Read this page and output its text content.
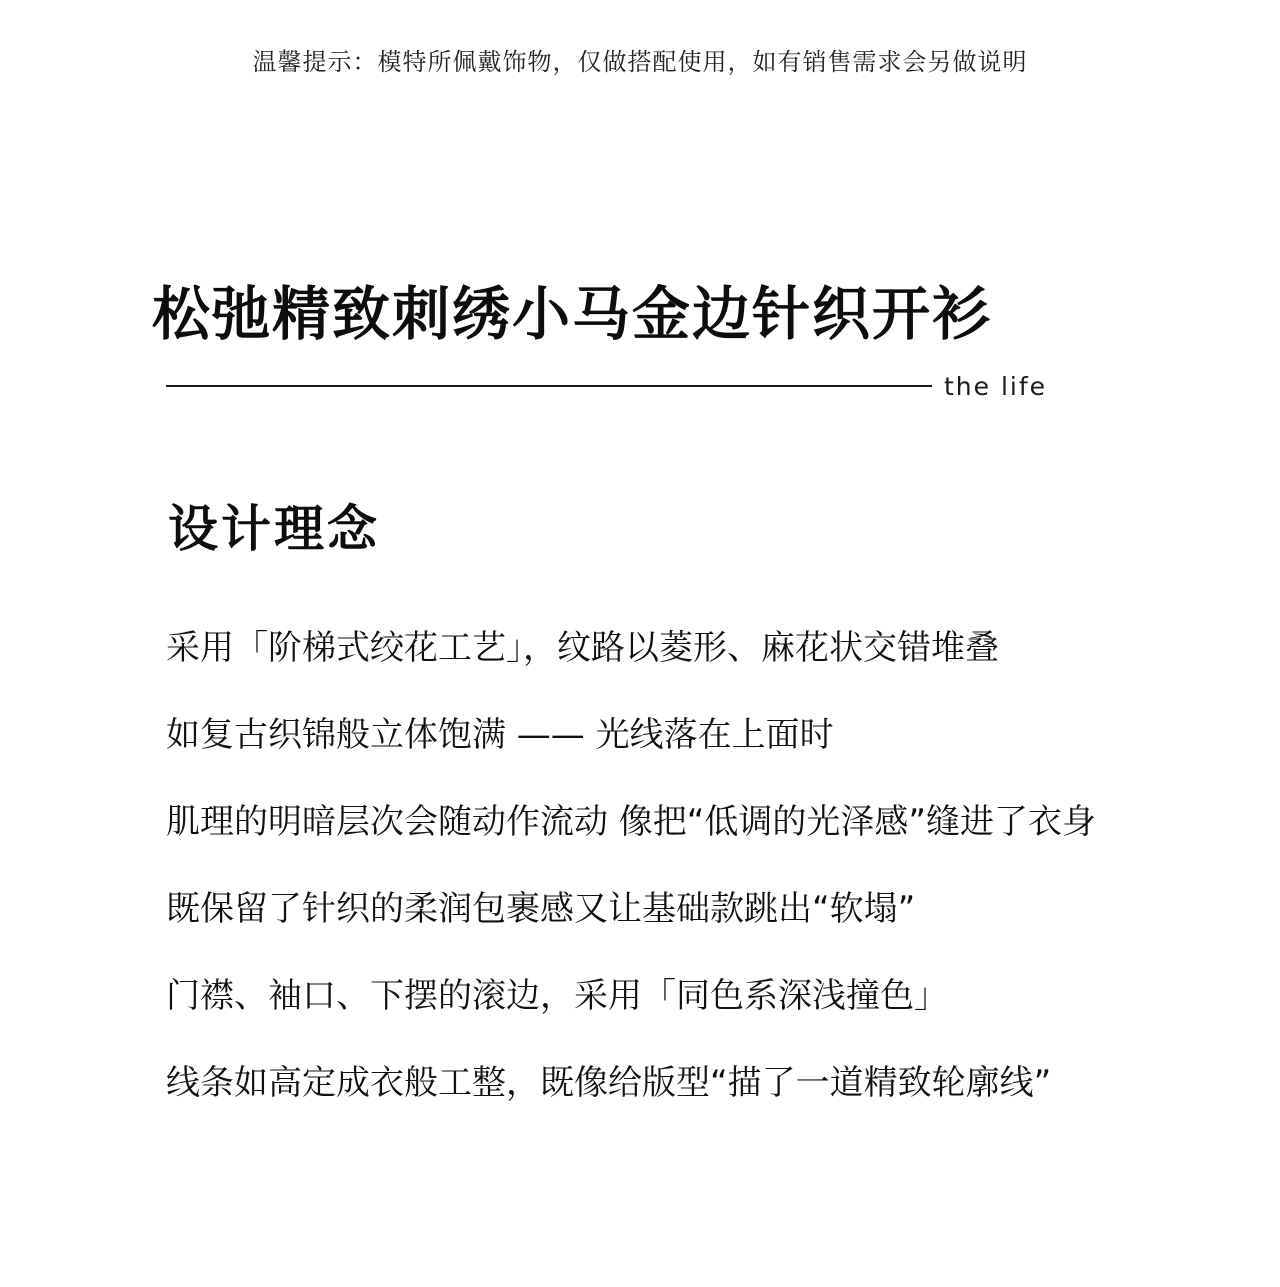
温馨提示：模特所佩戴饰物，仅做搭配使用，如有销售需求会另做说明
松弛精致刺绣小马金边针织开衫
the life
设计理念
采用「阶梯式绞花工艺」，纹路以菱形、麻花状交错堆叠
如复古织锦般立体饱满 —— 光线落在上面时
肌理的明暗层次会随动作流动 像把“低调的光泽感”缝进了衣身
既保留了针织的柔润包裹感又让基础款跳出“软塌”
门襟、袖口、下摆的滚边，采用「同色系深浅撞色」
线条如高定成衣般工整，既像给版型“描了一道精致轮廓线”
